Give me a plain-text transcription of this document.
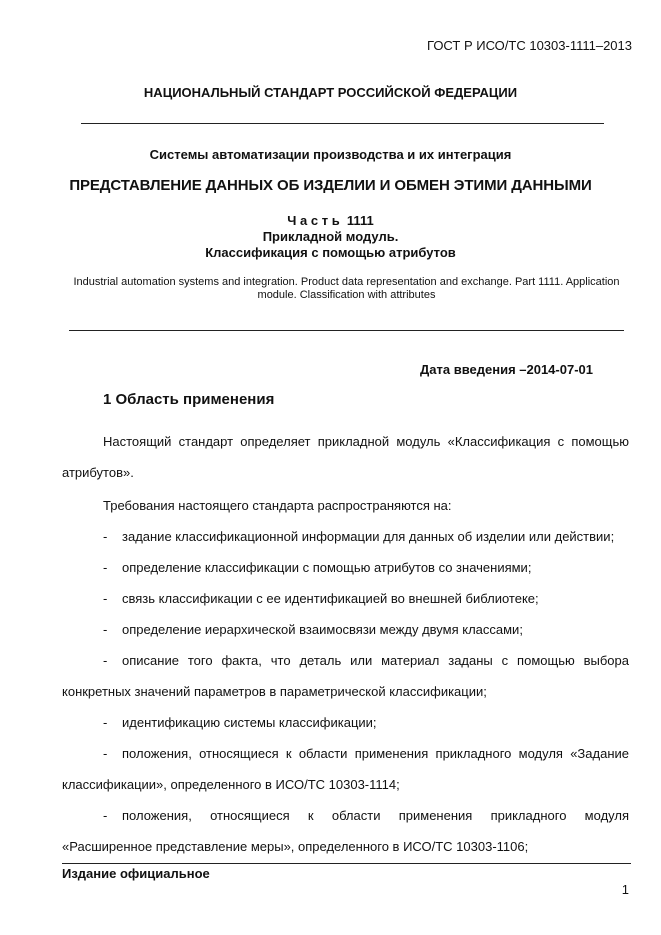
ГОСТ Р ИСО/ТС 10303-1111–2013
НАЦИОНАЛЬНЫЙ СТАНДАРТ РОССИЙСКОЙ ФЕДЕРАЦИИ
Системы автоматизации производства и их интеграция
ПРЕДСТАВЛЕНИЕ ДАННЫХ ОБ ИЗДЕЛИИ И ОБМЕН ЭТИМИ ДАННЫМИ
Ч а с т ь  1111
Прикладной модуль.
Классификация с помощью атрибутов
Industrial automation systems and integration. Product data representation and exchange. Part 1111. Application
module. Classification with attributes
Дата введения –2014-07-01
1 Область применения
Настоящий стандарт определяет прикладной модуль «Классификация с помощью
атрибутов».
Требования настоящего стандарта распространяются на:
- задание классификационной информации для данных об изделии или действии;
- определение классификации с помощью атрибутов со значениями;
- связь классификации с ее идентификацией во внешней библиотеке;
- определение иерархической взаимосвязи между двумя классами;
- описание того факта, что деталь или материал заданы с помощью выбора
конкретных значений параметров в параметрической классификации;
- идентификацию системы классификации;
- положения, относящиеся к области применения прикладного модуля «Задание
классификации», определенного в ИСО/ТС 10303-1114;
- положения, относящиеся к области применения прикладного модуля
«Расширенное представление меры», определенного в ИСО/ТС 10303-1106;
Издание официальное
1
